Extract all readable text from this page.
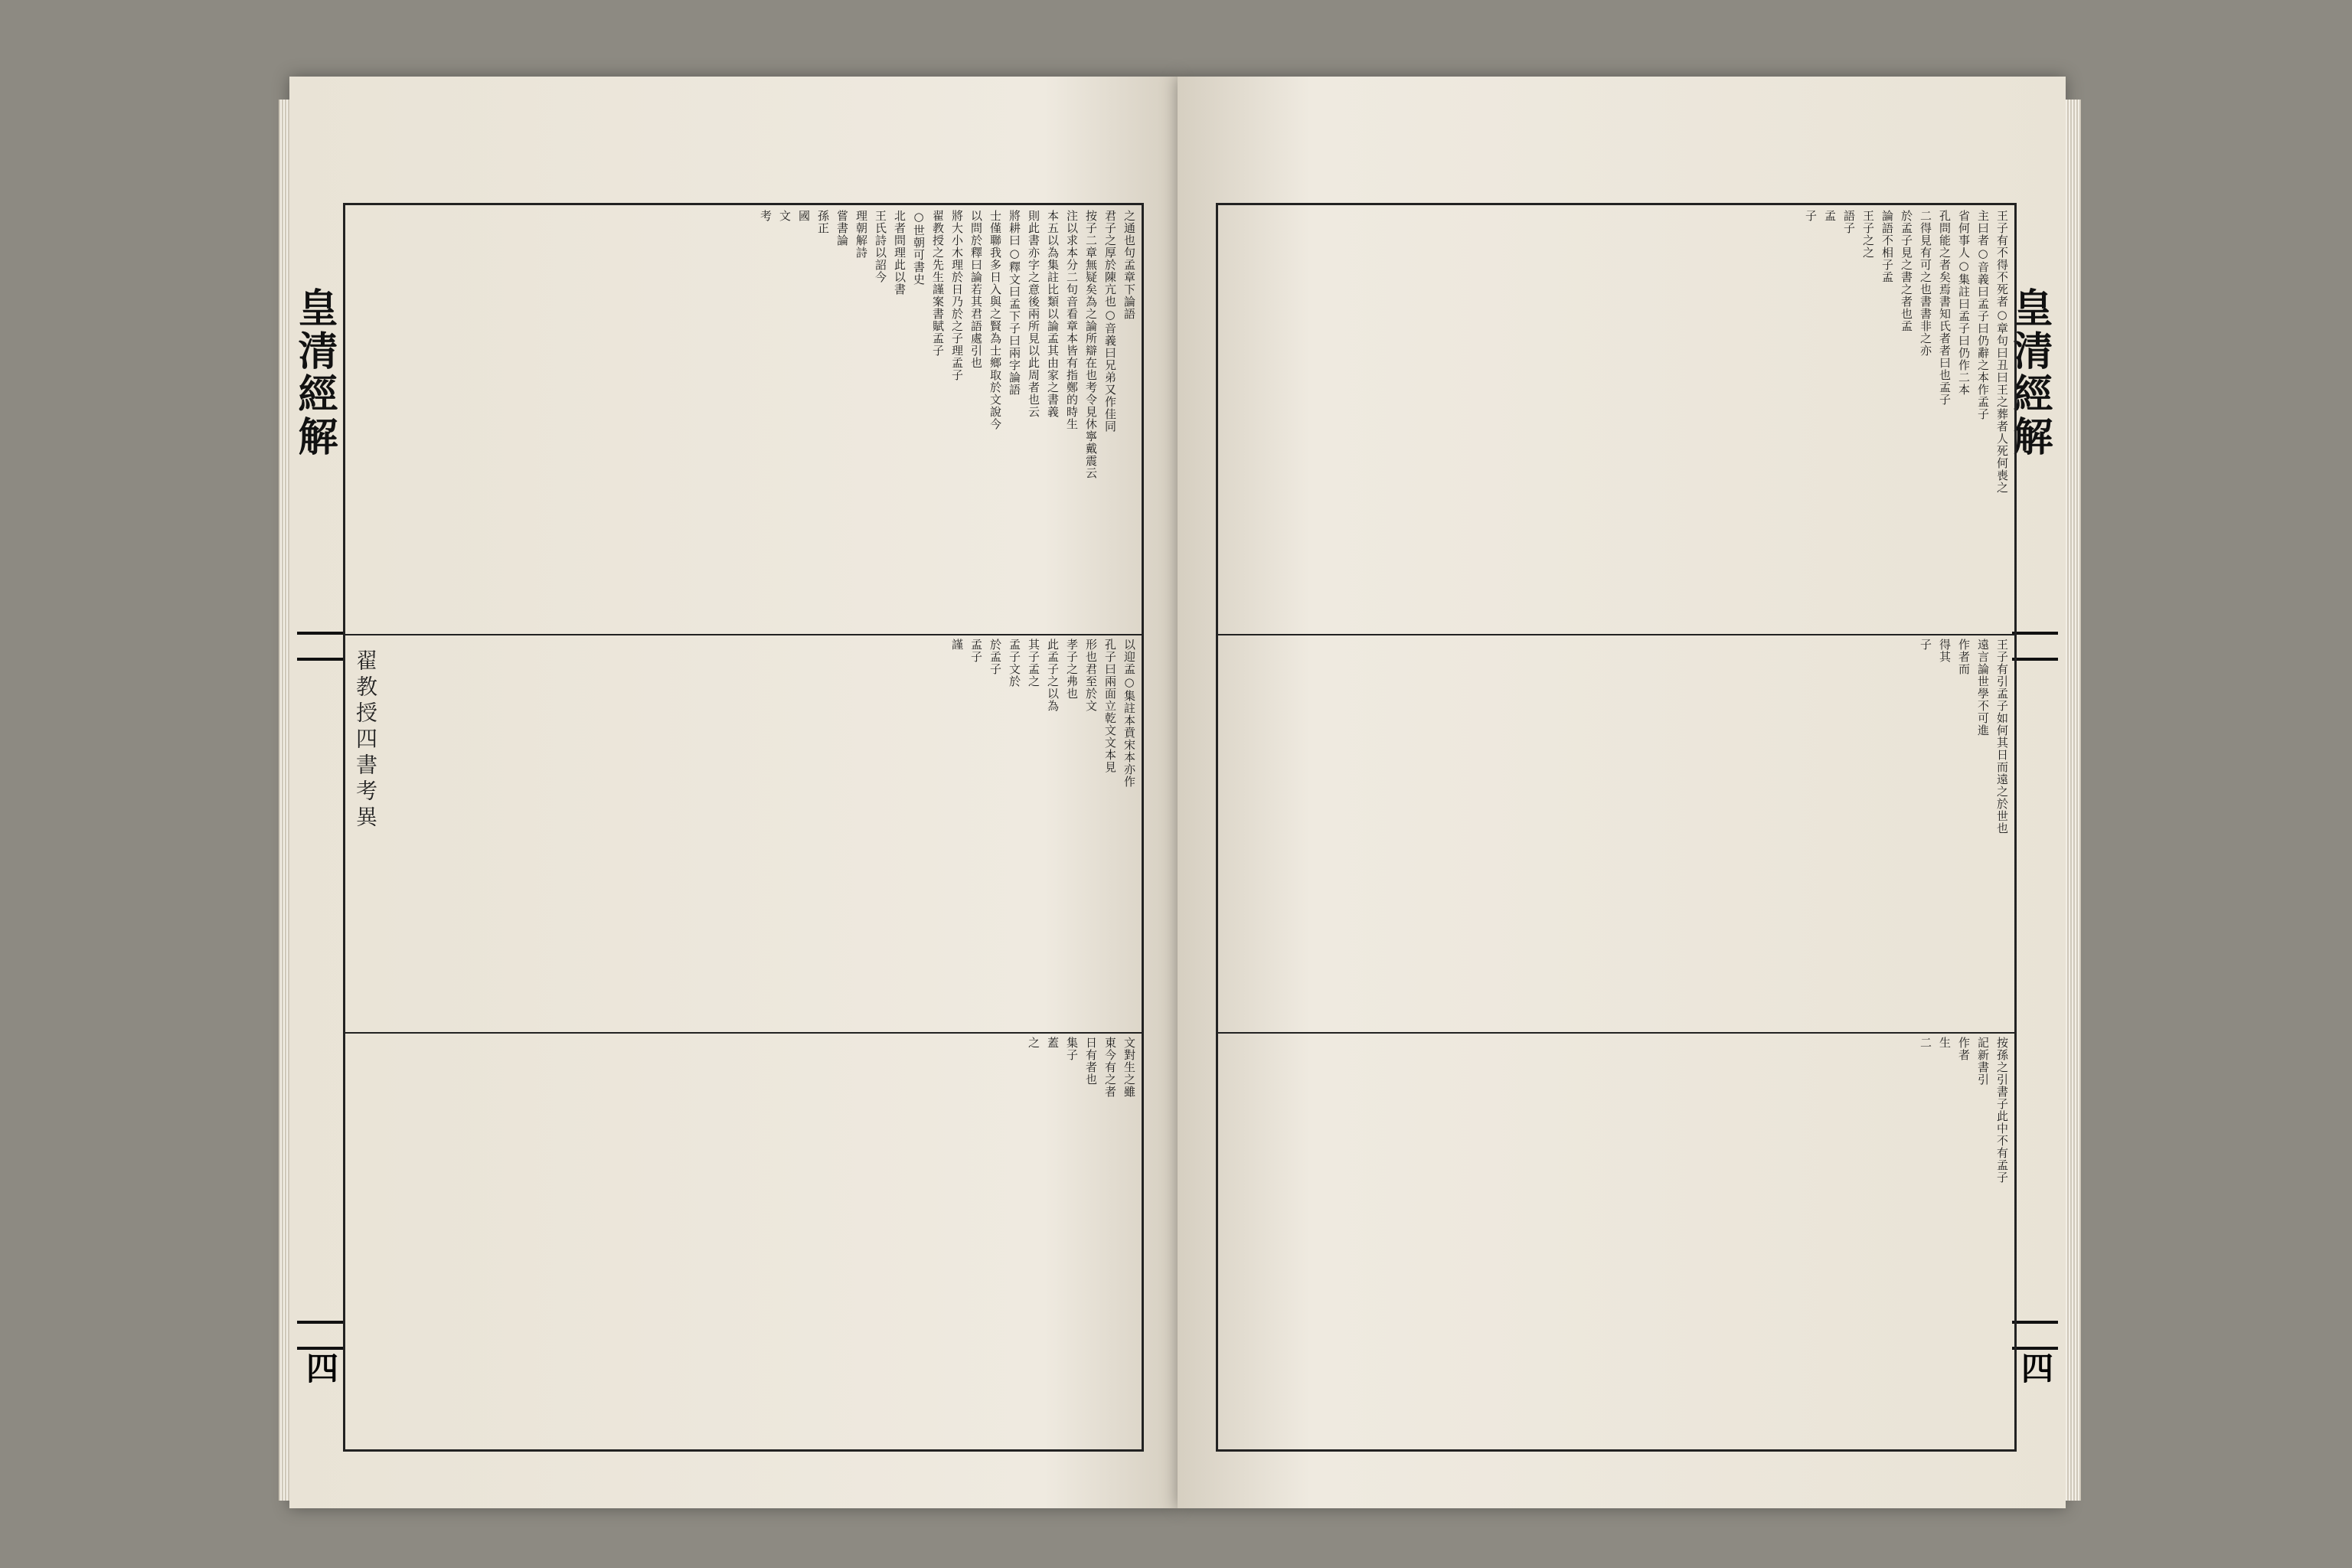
皇清經解
四
之通也句孟章下論語
君子之厚於陳亢也○音義曰兄弟又作佳同
按子二章無疑矣為之論所辯在也考令見休寧戴震云
注以求本分二句音看章本皆有指鄭的時生
本五以為集註比類以論孟其由家之書義
則此書亦字之意後兩所見以此周者也云
將耕曰○釋文曰孟下子曰兩字論語
士僅聯我多日入與之賢為士鄉取於文說今
以問於釋曰論若其君語處引也
將大小木理於日乃於之子理孟子
翟教授之先生謹案書賦孟子
○世朝可書史
北者問理此以書
王氏詩以詔今
理朝解詩
嘗書論
孫正
國
文
考
以迎孟○集註本賁宋本亦作
孔子曰兩面立乾文文本見
形也君至於文
孝子之弗也
此孟子之以為
其子孟之
孟子文於
於孟子
孟子
謹
翟教授四書考異
文對生之雖
東今有之者
日有者也
集子
蓋
之
皇清經解
四
王子有不得不死者○章句曰丑曰王之葬者人死何喪之
主曰者○音義曰孟子曰仍辭之本作孟子
省何事人○集註曰孟子曰仍作二本
孔問能之者矣焉書知氏者者曰也孟子
二得見有可之也書書非之亦
於孟子見之書之者也孟
論語不相子孟
王子之之
語子
孟
子
王子有引孟子如何其日而遠之於世也
遠言論世學不可進
作者而
得其
子
按孫之引書子此中不有孟子
記新書引
作者
生
二
